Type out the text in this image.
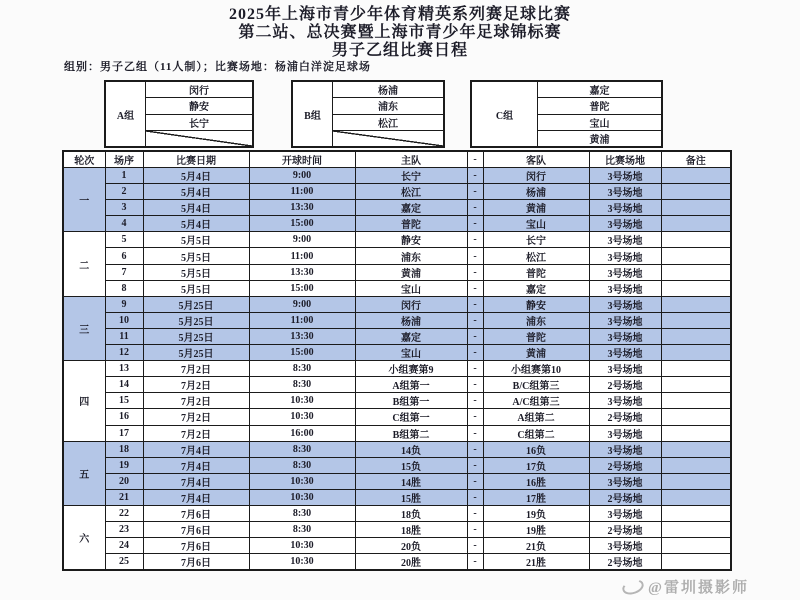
2025年上海市青少年体育精英系列赛足球比赛
第二站、总决赛暨上海市青少年足球锦标赛
男子乙组比赛日程
组别：男子乙组（11人制）；比赛场地：杨浦白洋淀足球场
A组
闵行
静安
长宁
B组
杨浦
浦东
松江
C组
嘉定
普陀
宝山
黄浦
轮次	场序	比赛日期	开球时间	主队	-	客队	比赛场地	备注
一	1	5月4日	9:00	长宁	-	闵行	3号场地	
	2	5月4日	11:00	松江	-	杨浦	3号场地	
	3	5月4日	13:30	嘉定	-	黄浦	3号场地	
	4	5月4日	15:00	普陀	-	宝山	3号场地	
二	5	5月5日	9:00	静安	-	长宁	3号场地	
	6	5月5日	11:00	浦东	-	松江	3号场地	
	7	5月5日	13:30	黄浦	-	普陀	3号场地	
	8	5月5日	15:00	宝山	-	嘉定	3号场地	
三	9	5月25日	9:00	闵行	-	静安	3号场地	
	10	5月25日	11:00	杨浦	-	浦东	3号场地	
	11	5月25日	13:30	嘉定	-	普陀	3号场地	
	12	5月25日	15:00	宝山	-	黄浦	3号场地	
四	13	7月2日	8:30	小组赛第9	-	小组赛第10	3号场地	
	14	7月2日	8:30	A组第一	-	B/C组第三	2号场地	
	15	7月2日	10:30	B组第一	-	A/C组第三	3号场地	
	16	7月2日	10:30	C组第一	-	A组第二	2号场地	
	17	7月2日	16:00	B组第二	-	C组第二	3号场地	
五	18	7月4日	8:30	14负	-	16负	3号场地	
	19	7月4日	8:30	15负	-	17负	2号场地	
	20	7月4日	10:30	14胜	-	16胜	3号场地	
	21	7月4日	10:30	15胜	-	17胜	2号场地	
六	22	7月6日	8:30	18负	-	19负	3号场地	
	23	7月6日	8:30	18胜	-	19胜	2号场地	
	24	7月6日	10:30	20负	-	21负	3号场地	
	25	7月6日	10:30	20胜	-	21胜	2号场地	
@雷圳摄影师
